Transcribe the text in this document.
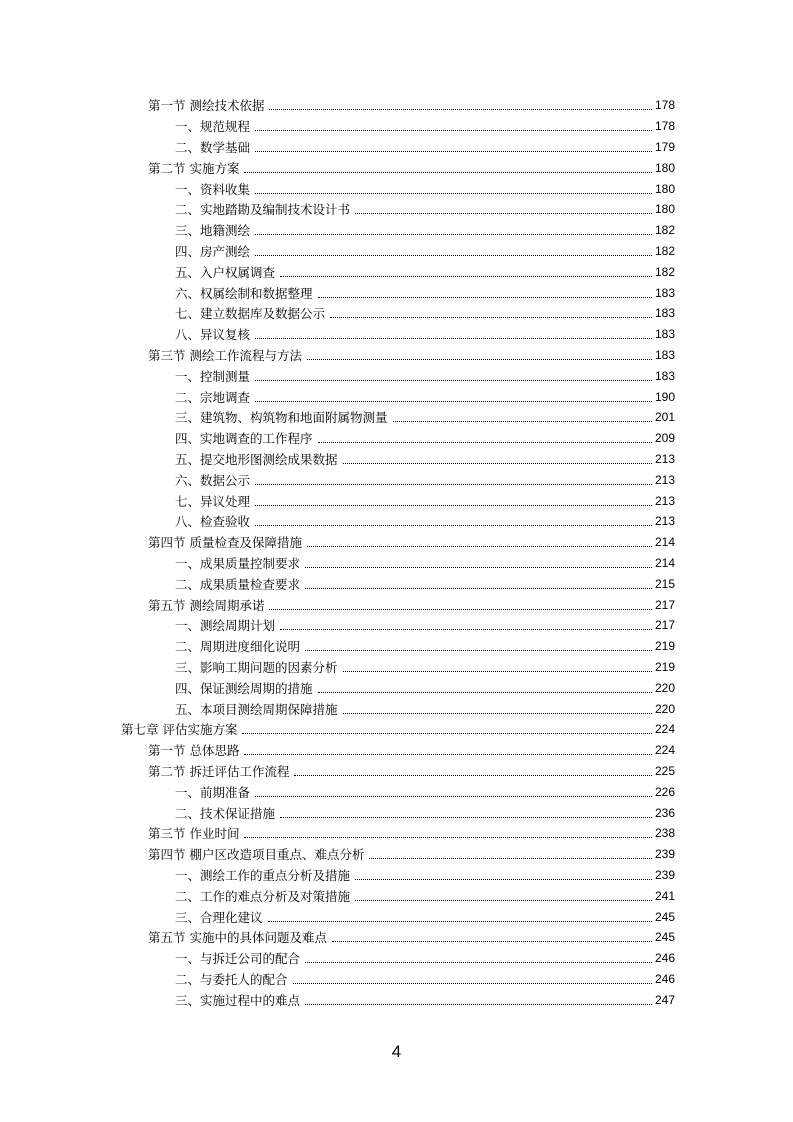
第一节 测绘技术依据	178
一、规范规程	178
二、数学基础	179
第二节 实施方案	180
一、资料收集	180
二、实地踏勘及编制技术设计书	180
三、地籍测绘	182
四、房产测绘	182
五、入户权属调查	182
六、权属绘制和数据整理	183
七、建立数据库及数据公示	183
八、异议复核	183
第三节 测绘工作流程与方法	183
一、控制测量	183
二、宗地调查	190
三、建筑物、构筑物和地面附属物测量	201
四、实地调查的工作程序	209
五、提交地形图测绘成果数据	213
六、数据公示	213
七、异议处理	213
八、检查验收	213
第四节 质量检查及保障措施	214
一、成果质量控制要求	214
二、成果质量检查要求	215
第五节 测绘周期承诺	217
一、测绘周期计划	217
二、周期进度细化说明	219
三、影响工期问题的因素分析	219
四、保证测绘周期的措施	220
五、本项目测绘周期保障措施	220
第七章 评估实施方案	224
第一节 总体思路	224
第二节 拆迁评估工作流程	225
一、前期准备	226
二、技术保证措施	236
第三节 作业时间	238
第四节 棚户区改造项目重点、难点分析	239
一、测绘工作的重点分析及措施	239
二、工作的难点分析及对策措施	241
三、合理化建议	245
第五节 实施中的具体问题及难点	245
一、与拆迁公司的配合	246
二、与委托人的配合	246
三、实施过程中的难点	247
4
